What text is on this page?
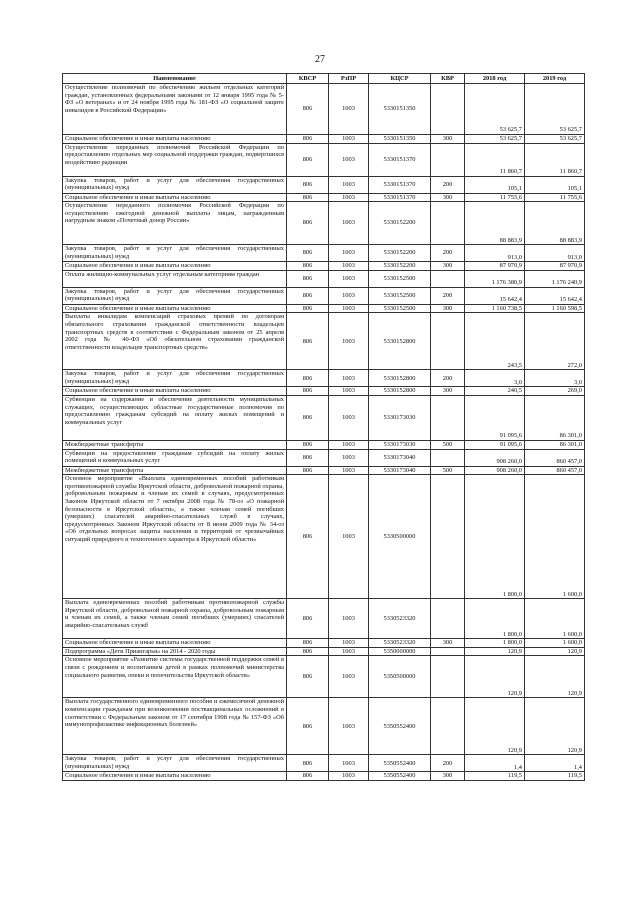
27
Наименование	КВСР	РзПР	КЦСР	КВР	2018 год	2019 год
Осуществление полномочий по обеспечению жильем отдельных категорий граждан, установленных федеральными законами от 12 января 1995 года № 5-ФЗ «О ветеранах» и от 24 ноября 1995 года № 181-ФЗ «О социальной защите инвалидов в Российской Федерации»	806	1003	5330151350		53 625,7	53 625,7
Социальное обеспечение и иные выплаты населению	806	1003	5330151350	300	53 625,7	53 625,7
Осуществление переданных полномочий Российской Федерации по предоставлению отдельных мер социальной поддержки граждан, подвергшихся воздействию радиации	806	1003	5330151370		11 860,7	11 860,7
Закупка товаров, работ и услуг для обеспечения государственных (муниципальных) нужд	806	1003	5330151370	200	105,1	105,1
Социальное обеспечение и иные выплаты населению	806	1003	5330151370	300	11 755,6	11 755,6
Осуществление переданного полномочия Российской Федерации по осуществлению ежегодной денежной выплаты лицам, награжденным нагрудным знаком «Почетный донор России»	806	1003	5330152200		88 883,9	88 883,9
Закупка товаров, работ и услуг для обеспечения государственных (муниципальных) нужд	806	1003	5330152200	200	913,0	913,0
Социальное обеспечение и иные выплаты населению	806	1003	5330152200	300	87 970,9	87 970,9
Оплата жилищно-коммунальных услуг отдельным категориям граждан	806	1003	5330152500		1 176 380,9	1 176 240,9
Закупка товаров, работ и услуг для обеспечения государственных (муниципальных) нужд	806	1003	5330152500	200	15 642,4	15 642,4
Социальное обеспечение и иные выплаты населению	806	1003	5330152500	300	1 160 738,5	1 160 598,5
Выплаты инвалидам компенсаций страховых премий по договорам обязательного страхования гражданской ответственности владельцев транспортных средств в соответствии с Федеральным законом от 25 апреля 2002 года № 40-ФЗ «Об обязательном страховании гражданской ответственности владельцев транспортных средств»	806	1003	5330152800		243,5	272,0
Закупка товаров, работ и услуг для обеспечения государственных (муниципальных) нужд	806	1003	5330152800	200	3,0	3,0
Социальное обеспечение и иные выплаты населению	806	1003	5330152800	300	240,5	269,0
Субвенции на содержание и обеспечение деятельности муниципальных служащих, осуществляющих областные государственные полномочия по предоставлению гражданам субсидий на оплату жилых помещений и коммунальных услуг	806	1003	5330173030		91 095,6	86 301,0
Межбюджетные трансферты	806	1003	5330173030	500	91 095,6	86 301,0
Субвенции на предоставление гражданам субсидий на оплату жилых помещений и коммунальных услуг	806	1003	5330173040		908 260,0	860 457,0
Межбюджетные трансферты	806	1003	5330173040	500	908 260,0	860 457,0
Основное мероприятие «Выплата единовременных пособий работникам противопожарной службы Иркутской области, добровольной пожарной охраны, добровольным пожарным и членам их семей в случаях, предусмотренных Законом Иркутской области от 7 октября 2008 года № 78-оз «О пожарной безопасности в Иркутской области», а также членам семей погибших (умерших) спасателей аварийно-спасательных служб в случаях, предусмотренных Законом Иркутской области от 8 июня 2009 года № 34-оз «Об отдельных вопросах защиты населения и территорий от чрезвычайных ситуаций природного и техногенного характера в Иркутской области»	806	1003	5330500000		1 800,0	1 600,0
Выплата единовременных пособий работникам противопожарной службы Иркутской области, добровольной пожарной охраны, добровольным пожарным и членам их семей, а также членам семей погибших (умерших) спасателей аварийно-спасательных служб	806	1003	5330523320		1 800,0	1 600,0
Социальное обеспечение и иные выплаты населению	806	1003	5330523320	300	1 800,0	1 600,0
Подпрограмма «Дети Приангарья» на 2014 - 2020 годы	806	1003	5350000000		120,9	120,9
Основное мероприятие «Развитие системы государственной поддержки семей в связи с рождением и воспитанием детей в рамках полномочий министерства социального развития, опеки и попечительства Иркутской области»	806	1003	5350500000		120,9	120,9
Выплата государственного единовременного пособия и ежемесячной денежной компенсации гражданам при возникновении поствакцинальных осложнений в соответствии с Федеральным законом от 17 сентября 1998 года № 157-ФЗ «Об иммунопрофилактике инфекционных болезней»	806	1003	5350552400		120,9	120,9
Закупка товаров, работ и услуг для обеспечения государственных (муниципальных) нужд	806	1003	5350552400	200	1,4	1,4
Социальное обеспечение и иные выплаты населению	806	1003	5350552400	300	119,5	119,5
